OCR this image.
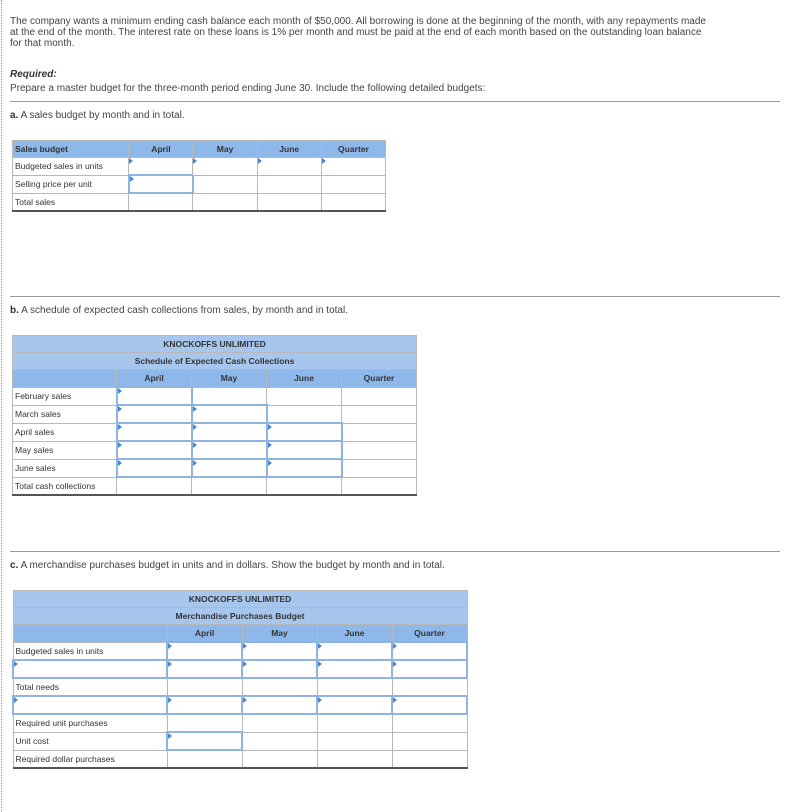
The company wants a minimum ending cash balance each month of $50,000. All borrowing is done at the beginning of the month, with any repayments made at the end of the month. The interest rate on these loans is 1% per month and must be paid at the end of each month based on the outstanding loan balance for that month.

Required:

Prepare a master budget for the three-month period ending June 30. Include the following detailed budgets:

a. A sales budget by month and in total.

Sales budget	April	May	June	Quarter
Budgeted sales in units				
Selling price per unit				
Total sales				

b. A schedule of expected cash collections from sales, by month and in total.

KNOCKOFFS UNLIMITED				
Schedule of Expected Cash Collections				
	April	May	June	Quarter
February sales				
March sales				
April sales				
May sales				
June sales				
Total cash collections				

c. A merchandise purchases budget in units and in dollars. Show the budget by month and in total.

KNOCKOFFS UNLIMITED				
Merchandise Purchases Budget				
	April	May	June	Quarter
Budgeted sales in units				

Total needs				

Required unit purchases				
Unit cost				
Required dollar purchases				
